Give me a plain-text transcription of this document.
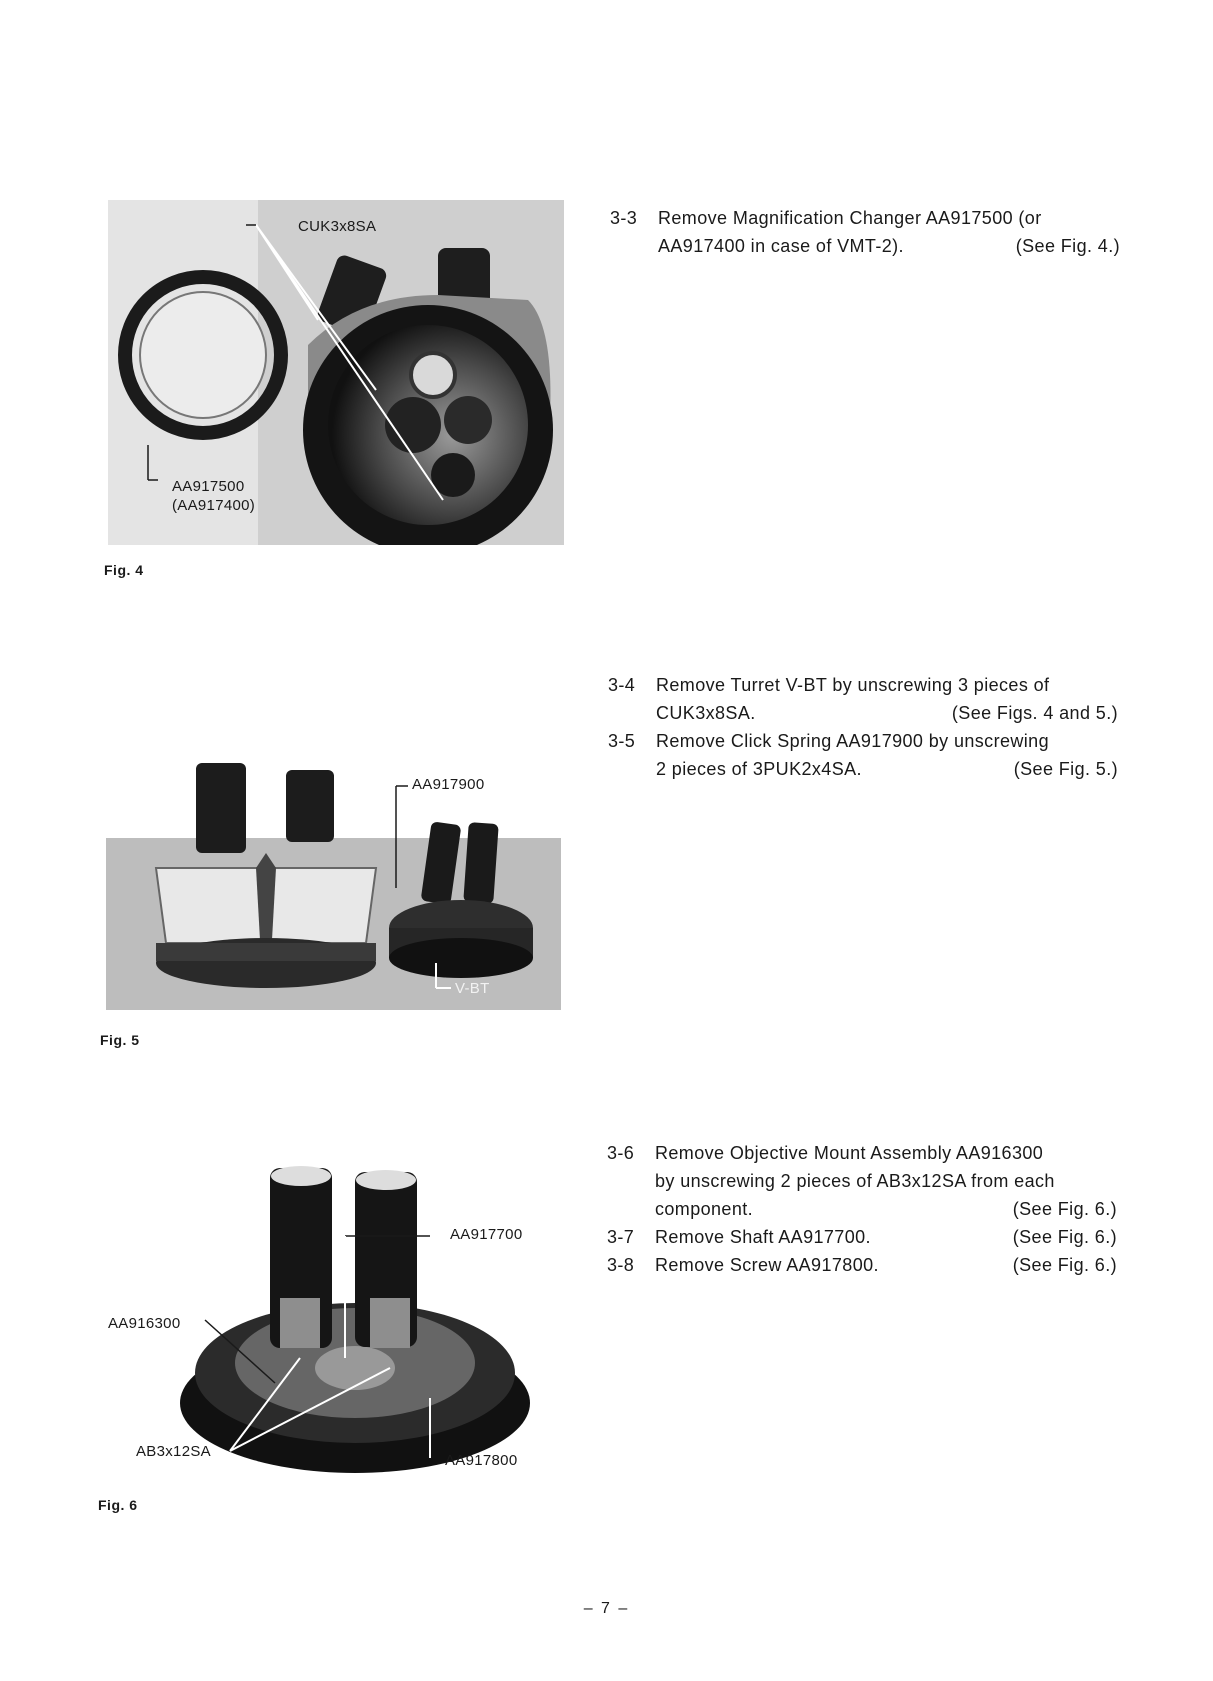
CUK3x8SA
AA917500
(AA917400)
Fig. 4
AA917900
V-BT
Fig. 5
AA917700
AA916300
AB3x12SA
AA917800
Fig. 6
3-3	Remove Magnification Changer AA917500 (or
AA917400 in case of VMT-2).	(See Fig. 4.)
3-4	Remove Turret V-BT by unscrewing 3 pieces of
CUK3x8SA.	(See Figs. 4 and 5.)
3-5	Remove Click Spring AA917900 by unscrewing
2 pieces of 3PUK2x4SA.	(See Fig. 5.)
3-6	Remove Objective Mount Assembly AA916300
by unscrewing 2 pieces of AB3x12SA from each
component.	(See Fig. 6.)
3-7	Remove Shaft AA917700.	(See Fig. 6.)
3-8	Remove Screw AA917800.	(See Fig. 6.)
– 7 –
